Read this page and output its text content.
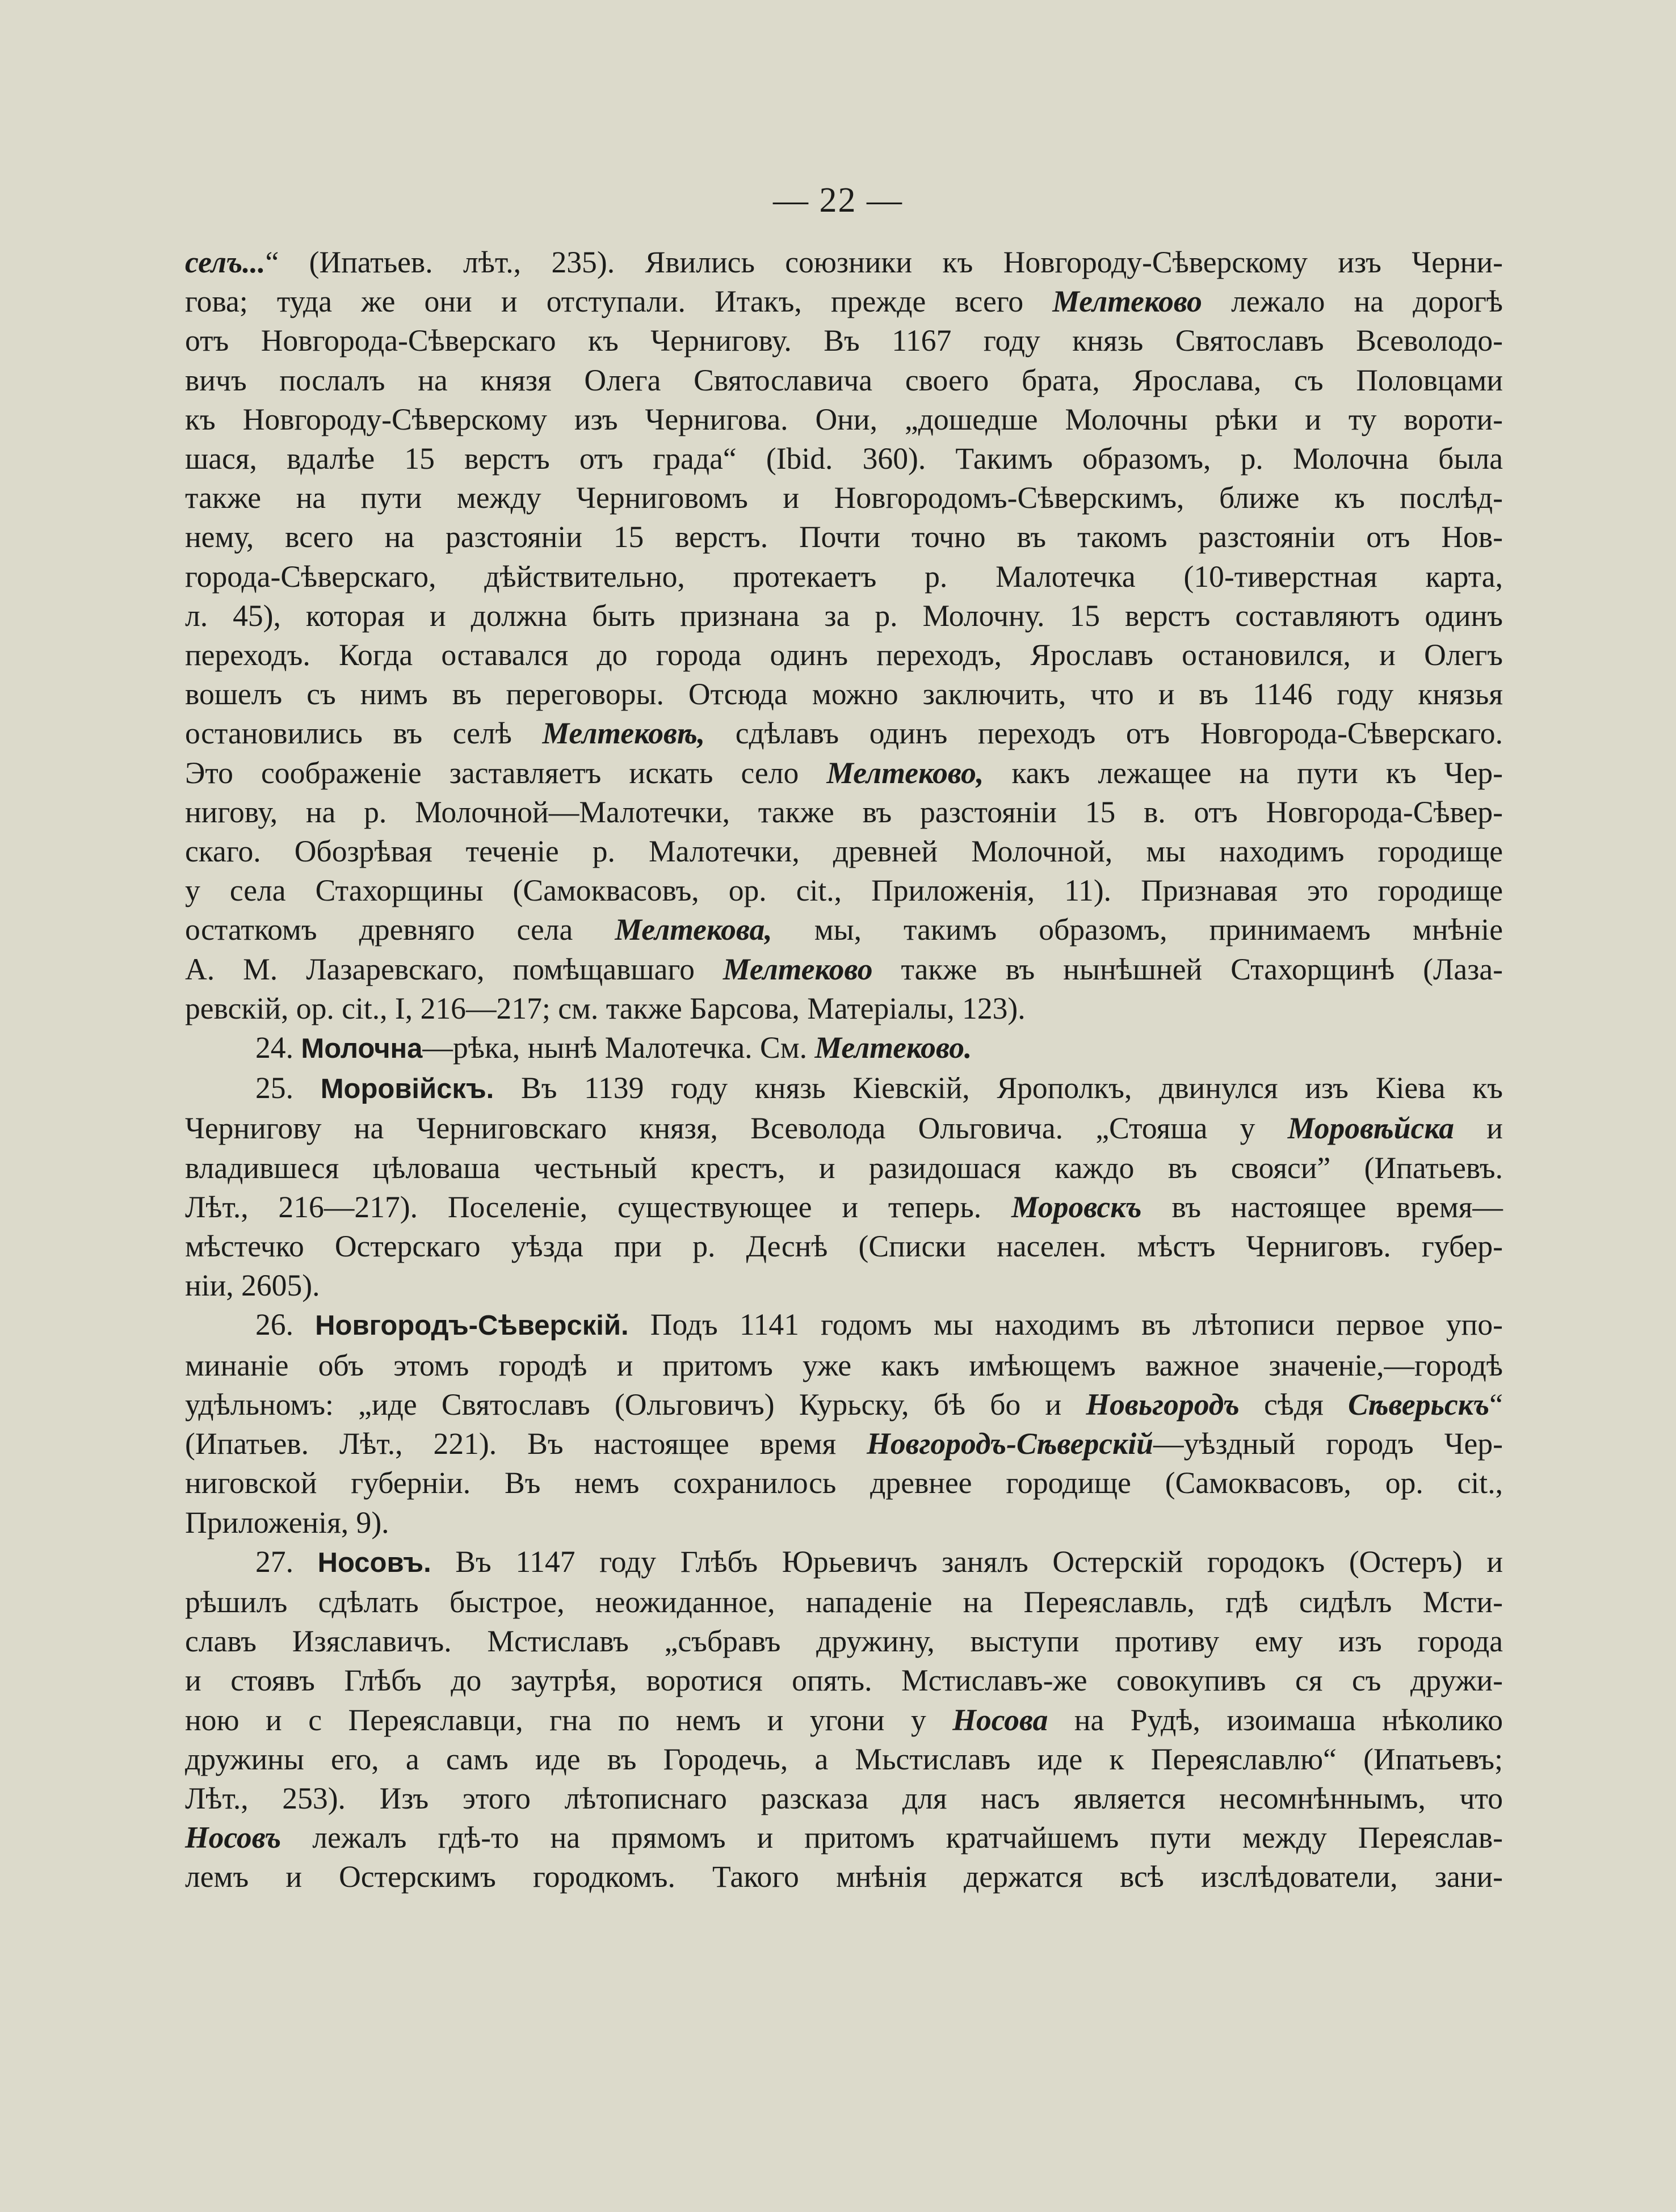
— 22 —

селъ...“ (Ипатьев. лѣт., 235). Явились союзники къ Новгороду-Сѣверскому изъ Черни-

гова; туда же они и отступали. Итакъ, прежде всего Мелтеково лежало на дорогѣ

отъ Новгорода-Сѣверскаго къ Чернигову. Въ 1167 году князь Святославъ Всеволодо-

вичъ послалъ на князя Олега Святославича своего брата, Ярослава, съ Половцами

къ Новгороду-Сѣверскому изъ Чернигова. Они, „дошедше Молочны рѣки и ту вороти-

шася, вдалѣе 15 верстъ отъ града“ (Ibid. 360). Такимъ образомъ, р. Молочна была

также на пути между Черниговомъ и Новгородомъ-Сѣверскимъ, ближе къ послѣд-

нему, всего на разстояніи 15 верстъ. Почти точно въ такомъ разстояніи отъ Нов-

города-Сѣверскаго, дѣйствительно, протекаетъ р. Малотечка (10-тиверстная карта,

л. 45), которая и должна быть признана за р. Молочну. 15 верстъ составляютъ одинъ

переходъ. Когда оставался до города одинъ переходъ, Ярославъ остановился, и Олегъ

вошелъ съ нимъ въ переговоры. Отсюда можно заключить, что и въ 1146 году князья

остановились въ селѣ Мелтековѣ, сдѣлавъ одинъ переходъ отъ Новгорода-Сѣверскаго.

Это соображеніе заставляетъ искать село Мелтеково, какъ лежащее на пути къ Чер-

нигову, на р. Молочной—Малотечки, также въ разстояніи 15 в. отъ Новгорода-Сѣвер-

скаго. Обозрѣвая теченіе р. Малотечки, древней Молочной, мы находимъ городище

у села Стахорщины (Самоквасовъ, op. cit., Приложенія, 11). Признавая это городище

остаткомъ древняго села Мелтекова, мы, такимъ образомъ, принимаемъ мнѣніе

А. М. Лазаревскаго, помѣщавшаго Мелтеково также въ нынѣшней Стахорщинѣ (Лаза-

ревскій, op. cit., I, 216—217; см. также Барсова, Матеріалы, 123).

24. Молочна—рѣка, нынѣ Малотечка. См. Мелтеково.

25. Моровійскъ. Въ 1139 году князь Кіевскій, Ярополкъ, двинулся изъ Кіева къ

Чернигову на Черниговскаго князя, Всеволода Ольговича. „Стояша у Моровѣйска и

владившеся цѣловаша честьный крестъ, и разидошася каждо въ своясиˮ (Ипатьевъ.

Лѣт., 216—217). Поселеніе, существующее и теперь. Моровскъ въ настоящее время—

мѣстечко Остерскаго уѣзда при р. Деснѣ (Списки населен. мѣстъ Черниговъ. губер-

ніи, 2605).

26. Новгородъ-Сѣверскій. Подъ 1141 годомъ мы находимъ въ лѣтописи первое упо-

минаніе объ этомъ городѣ и притомъ уже какъ имѣющемъ важное значеніе,—городѣ

удѣльномъ: „иде Святославъ (Ольговичъ) Курьску, бѣ бо и Новьгородъ сѣдя Сѣверьскъ“

(Ипатьев. Лѣт., 221). Въ настоящее время Новгородъ-Сѣверскій—уѣздный городъ Чер-

ниговской губерніи. Въ немъ сохранилось древнее городище (Самоквасовъ, op. cit.,

Приложенія, 9).

27. Носовъ. Въ 1147 году Глѣбъ Юрьевичъ занялъ Остерскій городокъ (Остеръ) и

рѣшилъ сдѣлать быстрое, неожиданное, нападеніе на Переяславль, гдѣ сидѣлъ Мсти-

славъ Изяславичъ. Мстиславъ „събравъ дружину, выступи противу ему изъ города

и стоявъ Глѣбъ до заутрѣя, воротися опять. Мстиславъ-же совокупивъ ся съ дружи-

ною и с Переяславци, гна по немъ и угони у Носова на Рудѣ, изоимаша нѣколико

дружины его, а самъ иде въ Городечь, а Мьстиславъ иде к Переяславлю“ (Ипатьевъ;

Лѣт., 253). Изъ этого лѣтописнаго разсказа для насъ является несомнѣннымъ, что

Носовъ лежалъ гдѣ-то на прямомъ и притомъ кратчайшемъ пути между Переяслав-

лемъ и Остерскимъ городкомъ. Такого мнѣнія держатся всѣ изслѣдователи, зани-
